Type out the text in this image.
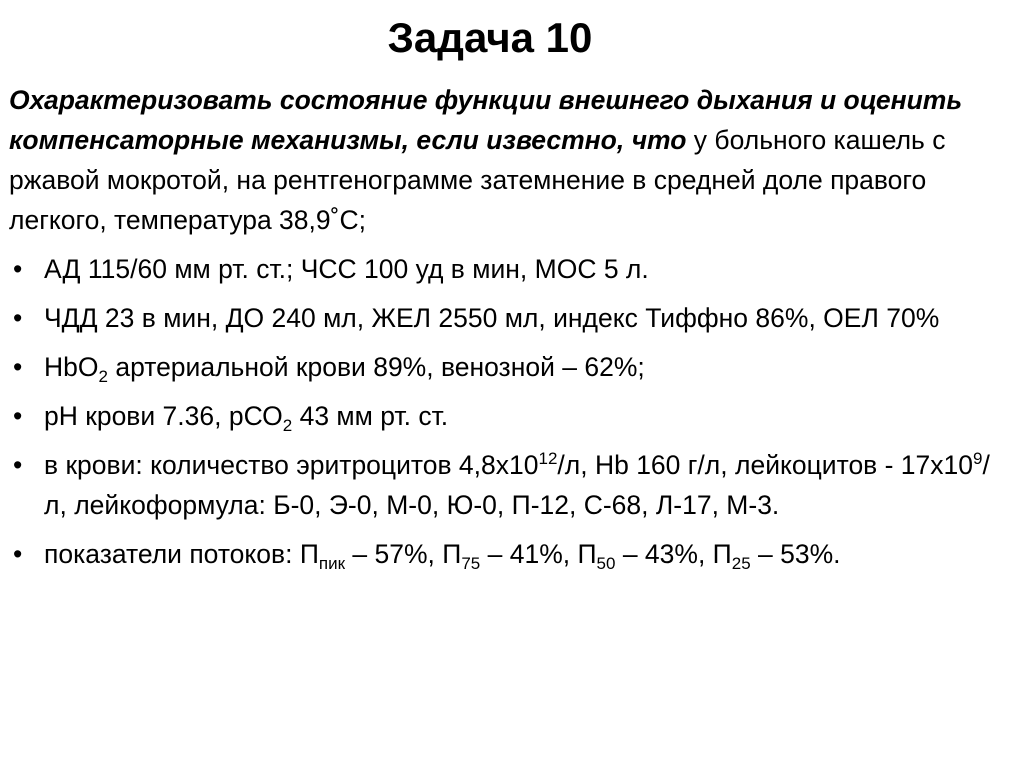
Задача 10

Охарактеризовать состояние функции внешнего дыхания и оценить компенсаторные механизмы, если известно, что у больного кашель с ржавой мокротой, на рентгенограмме затемнение в средней доле правого легкого, температура 38,9˚С;

• АД 115/60 мм рт. ст.; ЧСС 100 уд в мин, МОС 5 л.
• ЧДД 23 в мин, ДО 240 мл, ЖЕЛ 2550 мл, индекс Тиффно 86%, ОЕЛ 70%
• HbO$_2$ артериальной крови 89%, венозной – 62%;
• рН крови 7.36, рСО$_2$ 43 мм рт. ст.
• в крови: количество эритроцитов $4,8х10^{12}/л$, Hb 160 г/л, лейкоцитов - $17х10^9/л$, лейкоформула: Б-0, Э-0, М-0, Ю-0, П-12, С-68, Л-17, М-3.
• показатели потоков: $П_{пик} - 57\%$, $П_{75} - 41\%$, $П_{50} - 43\%$, $П_{25} - 53\%$.
